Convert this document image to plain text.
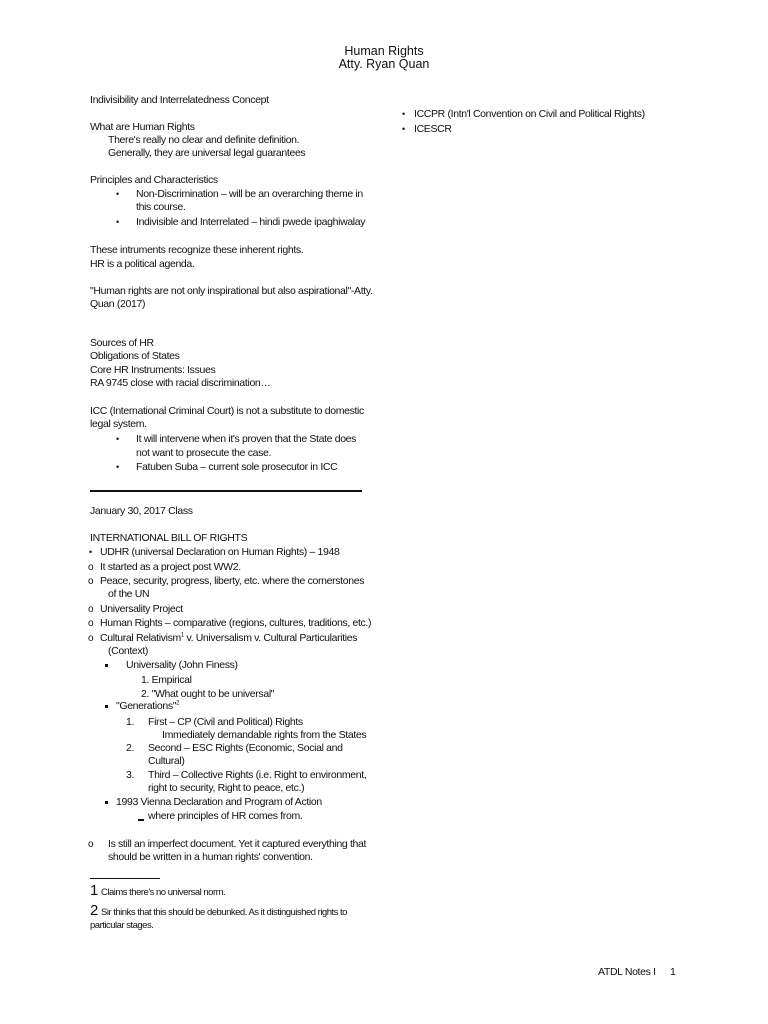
Human Rights
Atty. Ryan Quan
• ICCPR (Intn'l Convention on Civil and Political Rights)
• ICESCR
Indivisibility and Interrelatedness Concept
What are Human Rights
There's really no clear and definite definition.
Generally, they are universal legal guarantees
Principles and Characteristics
• Non-Discrimination – will be an overarching theme in
this course.
• Indivisible and Interrelated – hindi pwede ipaghiwalay
These intruments recognize these inherent rights.
HR is a political agenda.
"Human rights are not only inspirational but also aspirational"-Atty.
Quan (2017)
Sources of HR
Obligations of States
Core HR Instruments: Issues
RA 9745 close with racial discrimination…
ICC (International Criminal Court) is not a substitute to domestic
legal system.
• It will intervene when it's proven that the State does
not want to prosecute the case.
• Fatuben Suba – current sole prosecutor in ICC
January 30, 2017 Class
INTERNATIONAL BILL OF RIGHTS
• UDHR (universal Declaration on Human Rights) – 1948
o It started as a project post WW2.
o Peace, security, progress, liberty, etc. where the cornerstones
of the UN
o Universality Project
o Human Rights – comparative (regions, cultures, traditions, etc.)
o Cultural Relativism$^1$ v. Universalism v. Cultural Particularities
(Context)
Universality (John Finess)
1. Empirical
2. "What ought to be universal"
"Generations"$^2$
1. First – CP (Civil and Political) Rights
Immediately demandable rights from the States
2. Second – ESC Rights (Economic, Social and
Cultural)
3. Third – Collective Rights (i.e. Right to environment,
right to security, Right to peace, etc.)
1993 Vienna Declaration and Program of Action
where principles of HR comes from.
o Is still an imperfect document. Yet it captured everything that
should be written in a human rights' convention.
1 Claims there's no universal norm.
2 Sir thinks that this should be debunked. As it distinguished rights to
particular stages.
ATDL Notes I 1
